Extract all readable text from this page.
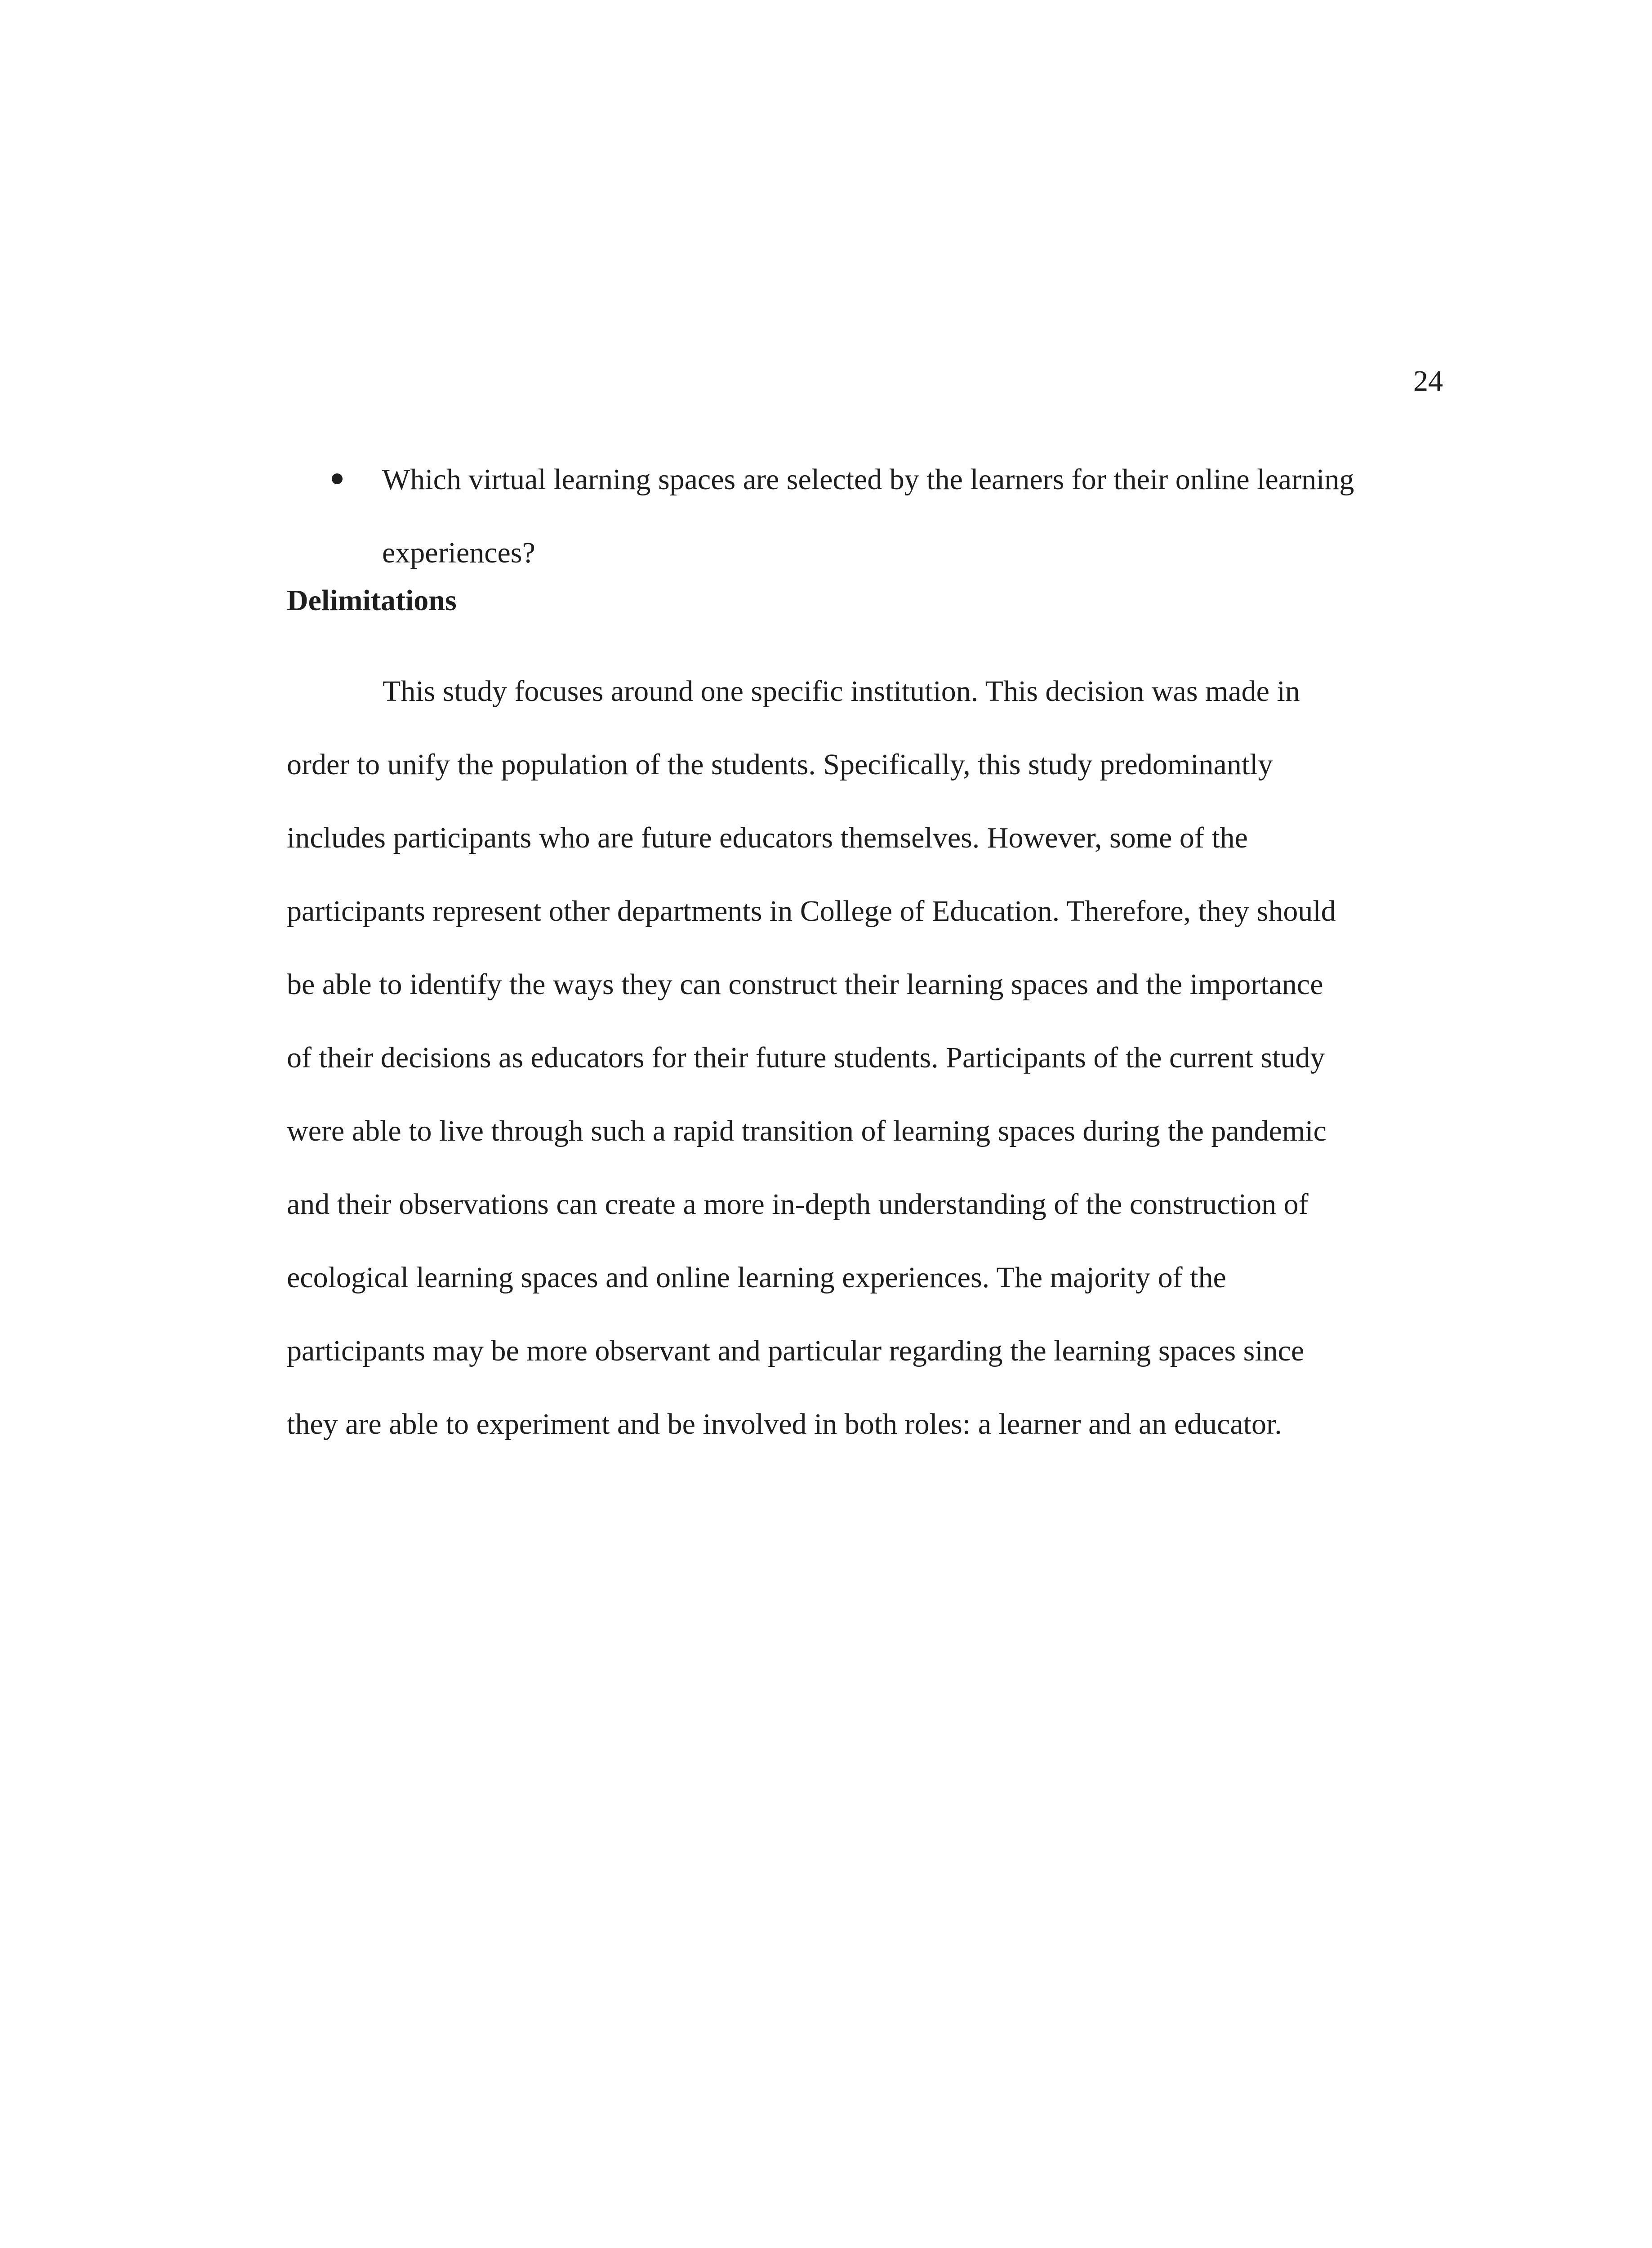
24
Which virtual learning spaces are selected by the learners for their online learning
experiences?
Delimitations

This study focuses around one specific institution. This decision was made in
order to unify the population of the students. Specifically, this study predominantly
includes participants who are future educators themselves. However, some of the
participants represent other departments in College of Education. Therefore, they should
be able to identify the ways they can construct their learning spaces and the importance
of their decisions as educators for their future students. Participants of the current study
were able to live through such a rapid transition of learning spaces during the pandemic
and their observations can create a more in-depth understanding of the construction of
ecological learning spaces and online learning experiences. The majority of the
participants may be more observant and particular regarding the learning spaces since
they are able to experiment and be involved in both roles: a learner and an educator.
